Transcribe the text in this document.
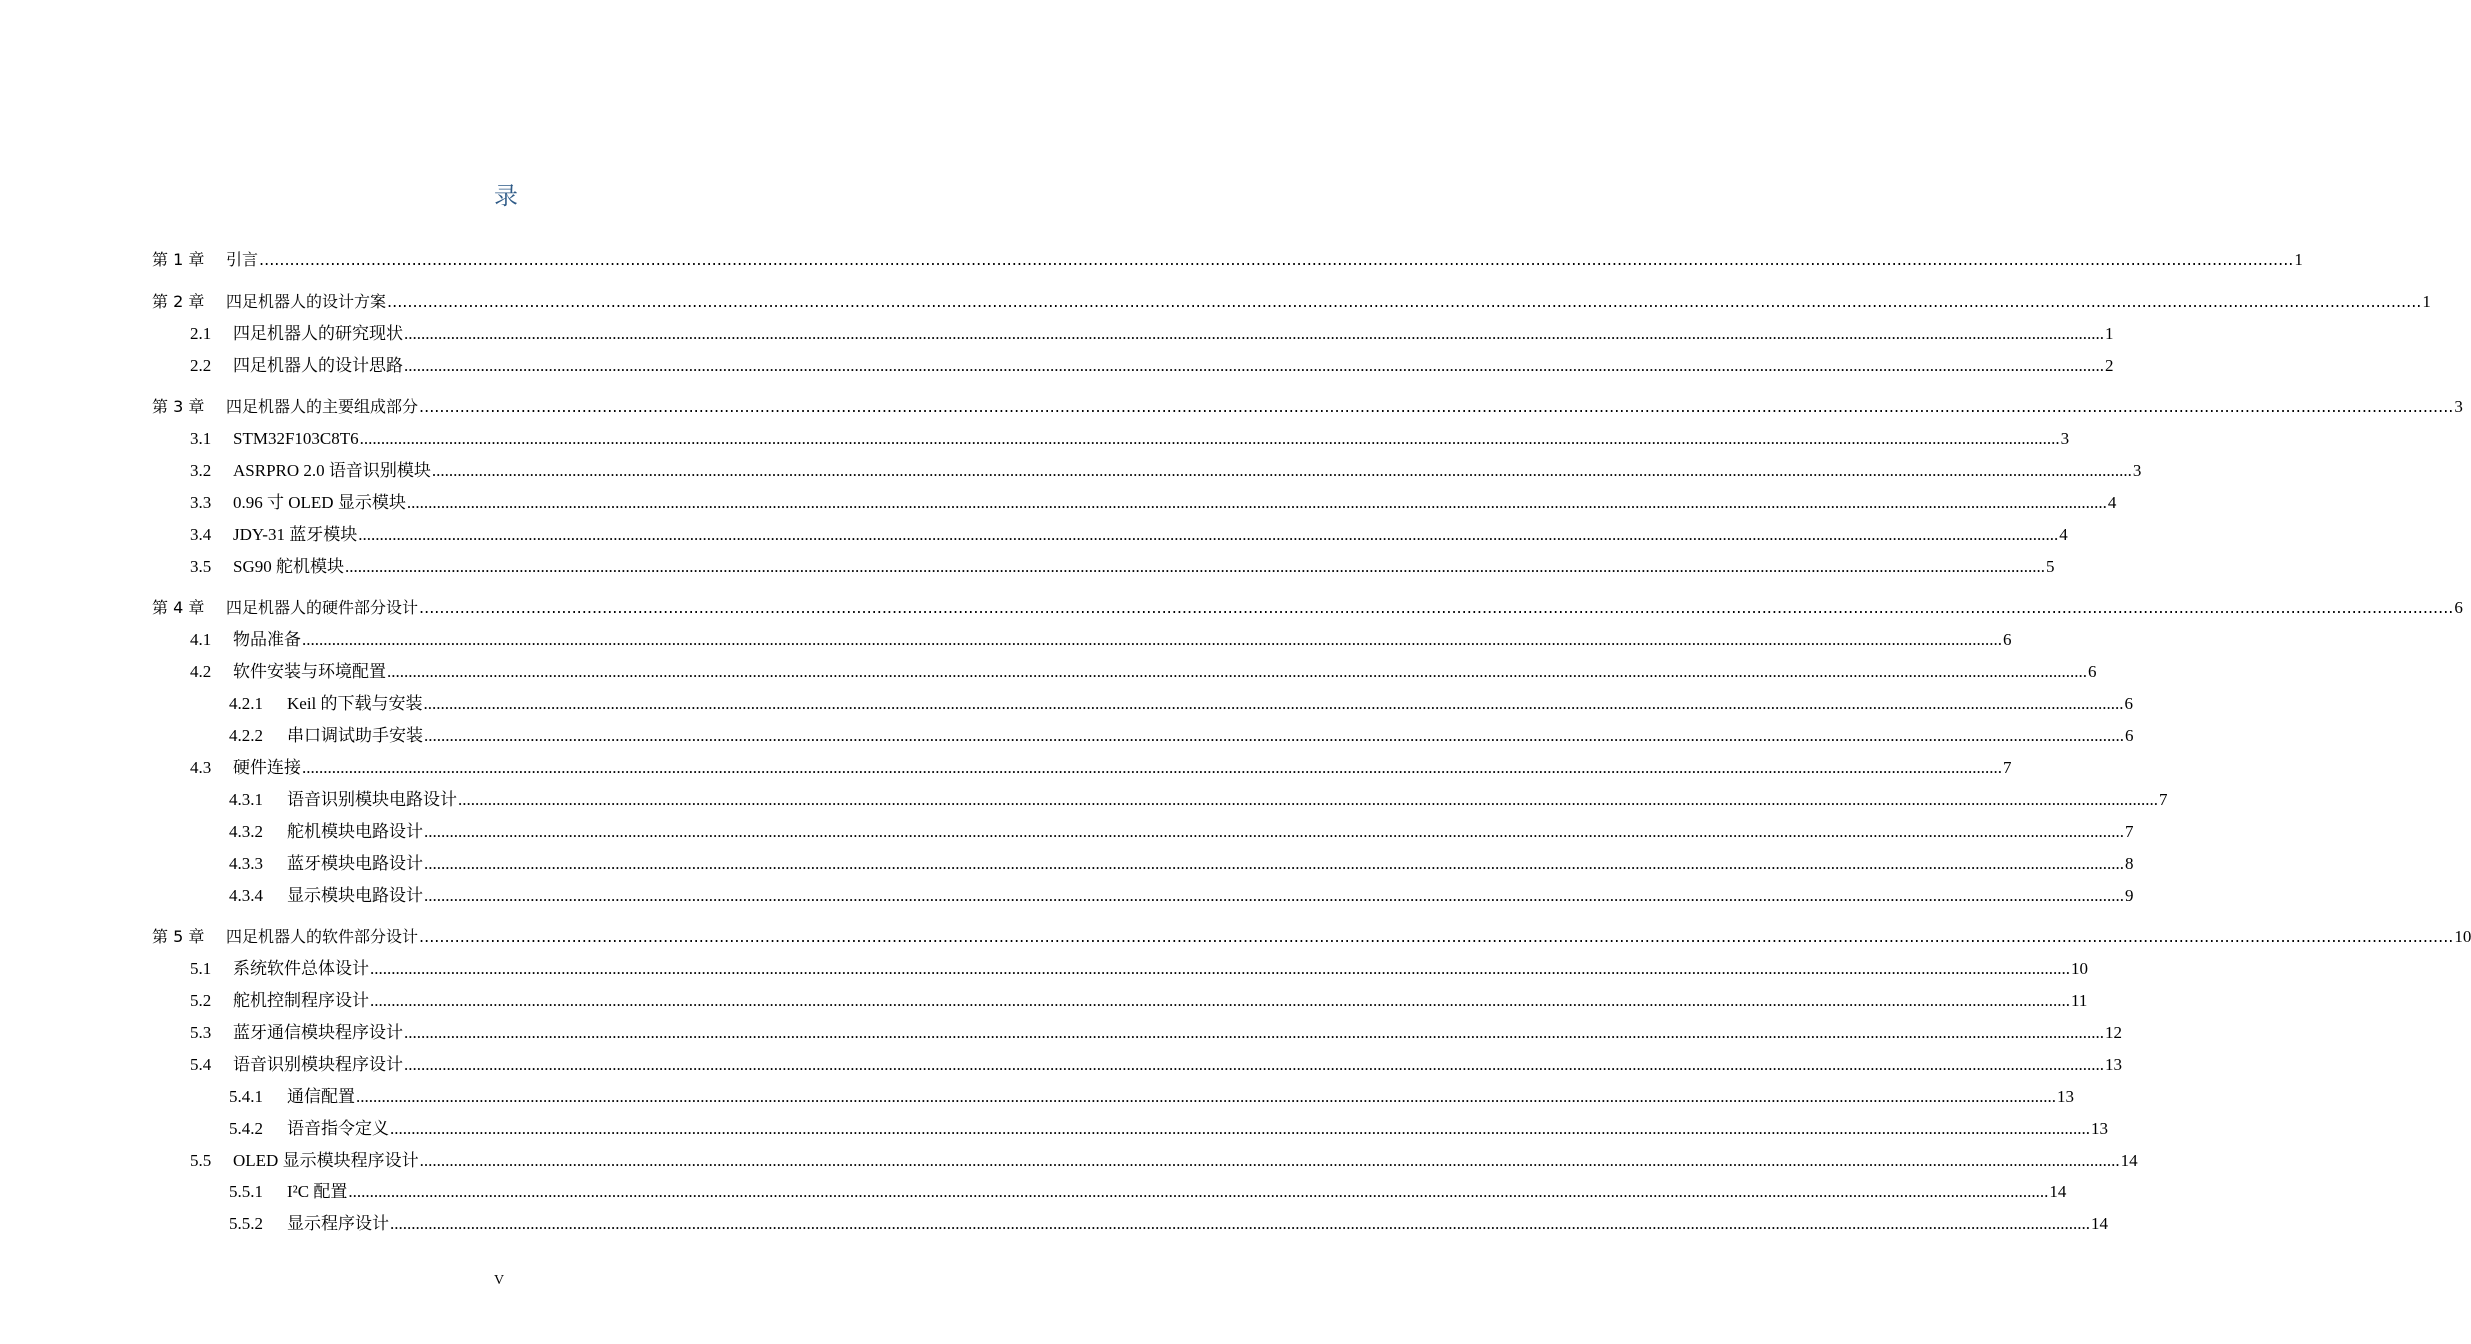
录
第 1 章	引言 ................................................................................................................................................................................................................................................................................................................................................................................................................ 1
第 2 章	四足机器人的设计方案 ................................................................................................................................................................................................................................................................................................................................................................................................................ 1
2.1	四足机器人的研究现状 ................................................................................................................................................................................................................................................................................................................................................................................................................ 1
2.2	四足机器人的设计思路 ................................................................................................................................................................................................................................................................................................................................................................................................................ 2
第 3 章	四足机器人的主要组成部分 ................................................................................................................................................................................................................................................................................................................................................................................................................ 3
3.1	STM32F103C8T6 ................................................................................................................................................................................................................................................................................................................................................................................................................ 3
3.2	ASRPRO 2.0 语音识别模块 ................................................................................................................................................................................................................................................................................................................................................................................................................ 3
3.3	0.96 寸 OLED 显示模块 ................................................................................................................................................................................................................................................................................................................................................................................................................ 4
3.4	JDY-31 蓝牙模块 ................................................................................................................................................................................................................................................................................................................................................................................................................ 4
3.5	SG90 舵机模块 ................................................................................................................................................................................................................................................................................................................................................................................................................ 5
第 4 章	四足机器人的硬件部分设计 ................................................................................................................................................................................................................................................................................................................................................................................................................ 6
4.1	物品准备 ................................................................................................................................................................................................................................................................................................................................................................................................................ 6
4.2	软件安装与环境配置 ................................................................................................................................................................................................................................................................................................................................................................................................................ 6
4.2.1	Keil 的下载与安装 ................................................................................................................................................................................................................................................................................................................................................................................................................ 6
4.2.2	串口调试助手安装 ................................................................................................................................................................................................................................................................................................................................................................................................................ 6
4.3	硬件连接 ................................................................................................................................................................................................................................................................................................................................................................................................................ 7
4.3.1	语音识别模块电路设计 ................................................................................................................................................................................................................................................................................................................................................................................................................ 7
4.3.2	舵机模块电路设计 ................................................................................................................................................................................................................................................................................................................................................................................................................ 7
4.3.3	蓝牙模块电路设计 ................................................................................................................................................................................................................................................................................................................................................................................................................ 8
4.3.4	显示模块电路设计 ................................................................................................................................................................................................................................................................................................................................................................................................................ 9
第 5 章	四足机器人的软件部分设计 ................................................................................................................................................................................................................................................................................................................................................................................................................ 10
5.1	系统软件总体设计 ................................................................................................................................................................................................................................................................................................................................................................................................................ 10
5.2	舵机控制程序设计 ................................................................................................................................................................................................................................................................................................................................................................................................................ 11
5.3	蓝牙通信模块程序设计 ................................................................................................................................................................................................................................................................................................................................................................................................................ 12
5.4	语音识别模块程序设计 ................................................................................................................................................................................................................................................................................................................................................................................................................ 13
5.4.1	通信配置 ................................................................................................................................................................................................................................................................................................................................................................................................................ 13
5.4.2	语音指令定义 ................................................................................................................................................................................................................................................................................................................................................................................................................ 13
5.5	OLED 显示模块程序设计 ................................................................................................................................................................................................................................................................................................................................................................................................................ 14
5.5.1	I²C 配置 ................................................................................................................................................................................................................................................................................................................................................................................................................ 14
5.5.2	显示程序设计 ................................................................................................................................................................................................................................................................................................................................................................................................................ 14
V
